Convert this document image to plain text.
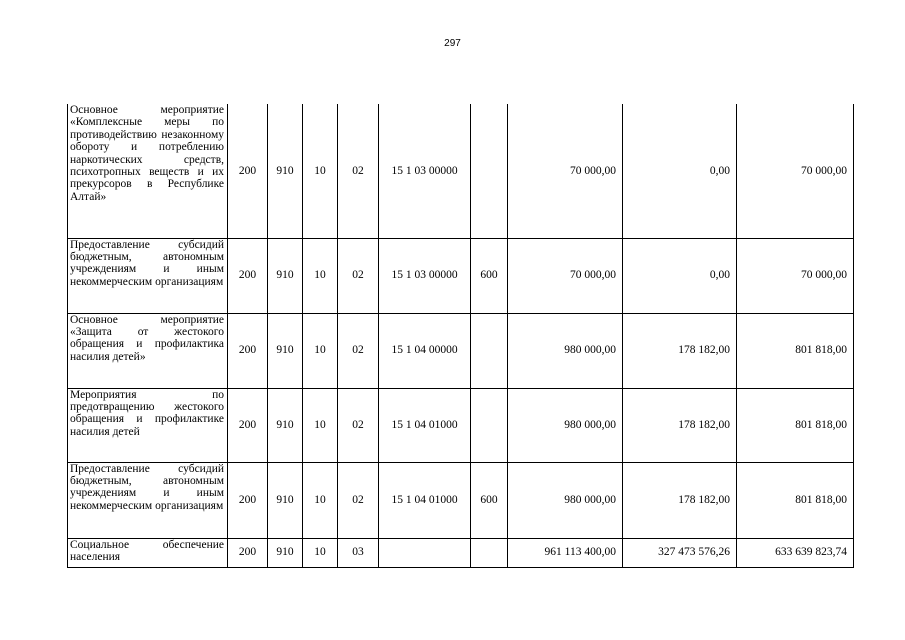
297
Основное мероприятие «Комплексные меры по противодействию незаконному обороту и потреблению наркотических средств, психотропных веществ и их прекурсоров в Республике Алтай»	200	910	10	02	15 1 03 00000		70 000,00	0,00	70 000,00
Предоставление субсидий бюджетным, автономным учреждениям и иным некоммерческим организациям	200	910	10	02	15 1 03 00000	600	70 000,00	0,00	70 000,00
Основное мероприятие «Защита от жестокого обращения и профилактика насилия детей»	200	910	10	02	15 1 04 00000		980 000,00	178 182,00	801 818,00
Мероприятия по предотвращению жестокого обращения и профилактике насилия детей	200	910	10	02	15 1 04 01000		980 000,00	178 182,00	801 818,00
Предоставление субсидий бюджетным, автономным учреждениям и иным некоммерческим организациям	200	910	10	02	15 1 04 01000	600	980 000,00	178 182,00	801 818,00
Социальное обеспечение населения	200	910	10	03			961 113 400,00	327 473 576,26	633 639 823,74
